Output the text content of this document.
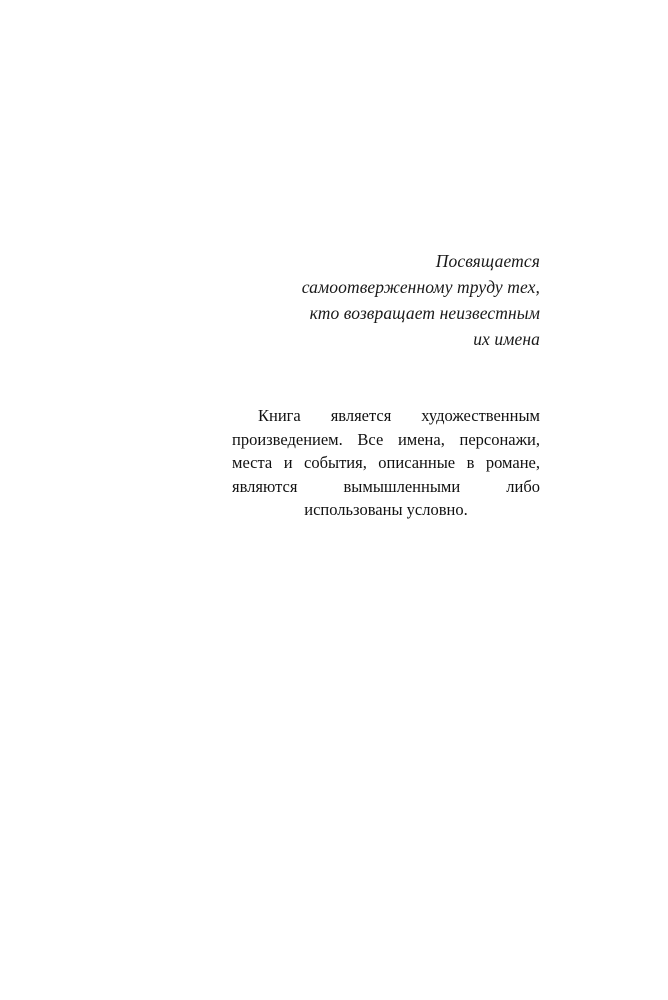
Посвящается
самоотверженному труду тех,
кто возвращает неизвестным
их имена

Книга является художественным произведением. Все имена, персонажи, места и события, описанные в романе, являются вымышленными либо использованы условно.
